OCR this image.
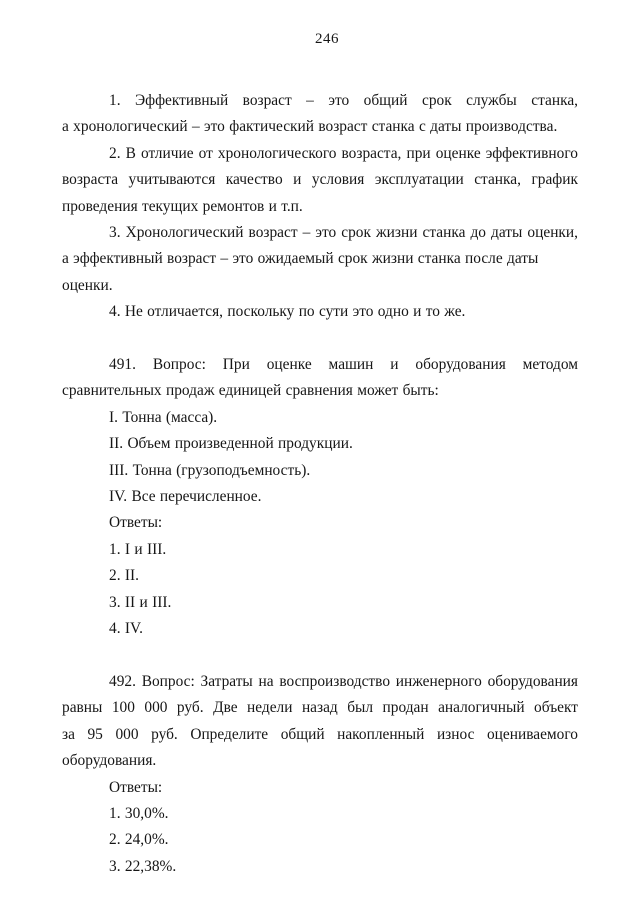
246
1. Эффективный возраст – это общий срок службы станка,
а хронологический – это фактический возраст станка с даты производства.
2. В отличие от хронологического возраста, при оценке эффективного
возраста учитываются качество и условия эксплуатации станка, график
проведения текущих ремонтов и т.п.
3. Хронологический возраст – это срок жизни станка до даты оценки,
а эффективный возраст – это ожидаемый срок жизни станка после даты оценки.
4. Не отличается, поскольку по сути это одно и то же.
491. Вопрос: При оценке машин и оборудования методом
сравнительных продаж единицей сравнения может быть:
I. Тонна (масса).
II. Объем произведенной продукции.
III. Тонна (грузоподъемность).
IV. Все перечисленное.
Ответы:
1. I и III.
2. II.
3. II и III.
4. IV.
492. Вопрос: Затраты на воспроизводство инженерного оборудования
равны 100 000 руб. Две недели назад был продан аналогичный объект
за 95 000 руб. Определите общий накопленный износ оцениваемого
оборудования.
Ответы:
1. 30,0%.
2. 24,0%.
3. 22,38%.
